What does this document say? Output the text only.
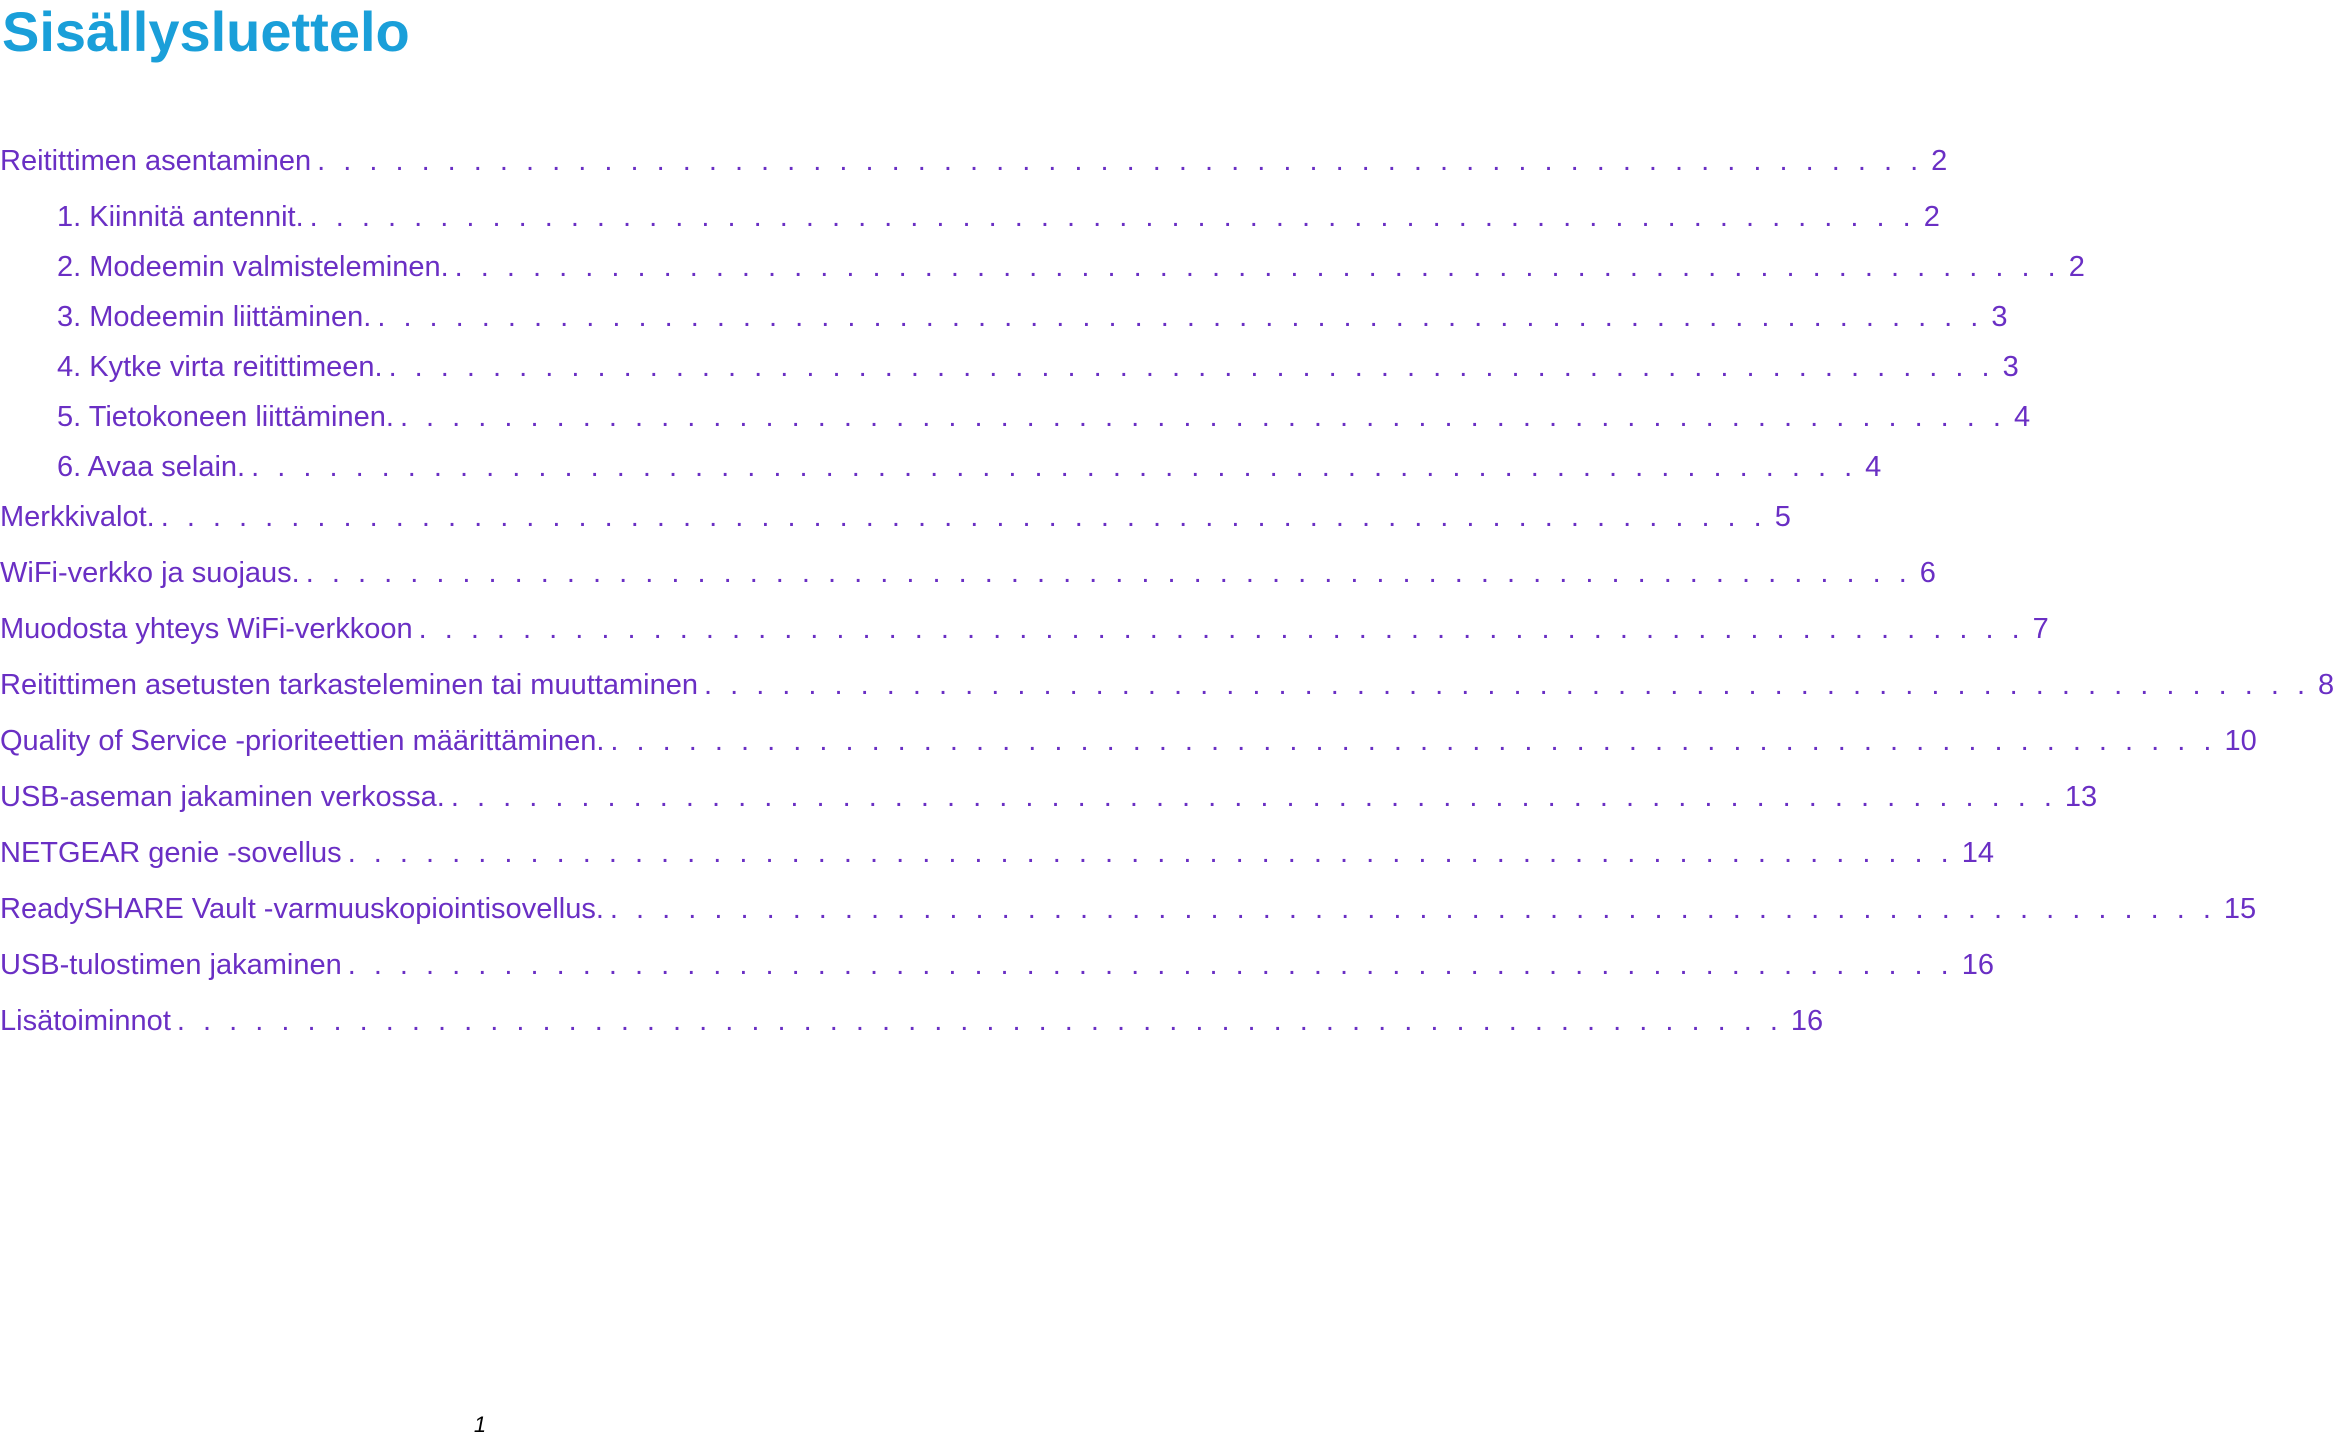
Sisällysluettelo
Reitittimen asentaminen . . . . . . . . . . . . . . . . . . . . . . . . . . . . . . . . . . . . . . . . . . . . . . . . . . . . . . . . . . . . . . 2
1. Kiinnitä antennit. . . . . . . . . . . . . . . . . . . . . . . . . . . . . . . . . . . . . . . . . . . . . . . . . . . . . . . . . . . . . . . 2
2. Modeemin valmisteleminen. . . . . . . . . . . . . . . . . . . . . . . . . . . . . . . . . . . . . . . . . . . . . . . . . . . . . . . . . . . . . . . 2
3. Modeemin liittäminen. . . . . . . . . . . . . . . . . . . . . . . . . . . . . . . . . . . . . . . . . . . . . . . . . . . . . . . . . . . . . . . 3
4. Kytke virta reitittimeen. . . . . . . . . . . . . . . . . . . . . . . . . . . . . . . . . . . . . . . . . . . . . . . . . . . . . . . . . . . . . . . 3
5. Tietokoneen liittäminen. . . . . . . . . . . . . . . . . . . . . . . . . . . . . . . . . . . . . . . . . . . . . . . . . . . . . . . . . . . . . . . 4
6. Avaa selain. . . . . . . . . . . . . . . . . . . . . . . . . . . . . . . . . . . . . . . . . . . . . . . . . . . . . . . . . . . . . . . 4
Merkkivalot. . . . . . . . . . . . . . . . . . . . . . . . . . . . . . . . . . . . . . . . . . . . . . . . . . . . . . . . . . . . . . . 5
WiFi-verkko ja suojaus. . . . . . . . . . . . . . . . . . . . . . . . . . . . . . . . . . . . . . . . . . . . . . . . . . . . . . . . . . . . . . . 6
Muodosta yhteys WiFi-verkkoon . . . . . . . . . . . . . . . . . . . . . . . . . . . . . . . . . . . . . . . . . . . . . . . . . . . . . . . . . . . . . . 7
Reitittimen asetusten tarkasteleminen tai muuttaminen . . . . . . . . . . . . . . . . . . . . . . . . . . . . . . . . . . . . . . . . . . . . . . . . . . . . . . . . . . . . . . 8
Quality of Service -prioriteettien määrittäminen. . . . . . . . . . . . . . . . . . . . . . . . . . . . . . . . . . . . . . . . . . . . . . . . . . . . . . . . . . . . . . . 10
USB-aseman jakaminen verkossa. . . . . . . . . . . . . . . . . . . . . . . . . . . . . . . . . . . . . . . . . . . . . . . . . . . . . . . . . . . . . . . 13
NETGEAR genie -sovellus . . . . . . . . . . . . . . . . . . . . . . . . . . . . . . . . . . . . . . . . . . . . . . . . . . . . . . . . . . . . . . 14
ReadySHARE Vault -varmuuskopiointisovellus. . . . . . . . . . . . . . . . . . . . . . . . . . . . . . . . . . . . . . . . . . . . . . . . . . . . . . . . . . . . . . . 15
USB-tulostimen jakaminen . . . . . . . . . . . . . . . . . . . . . . . . . . . . . . . . . . . . . . . . . . . . . . . . . . . . . . . . . . . . . . 16
Lisätoiminnot . . . . . . . . . . . . . . . . . . . . . . . . . . . . . . . . . . . . . . . . . . . . . . . . . . . . . . . . . . . . . . 16
1
